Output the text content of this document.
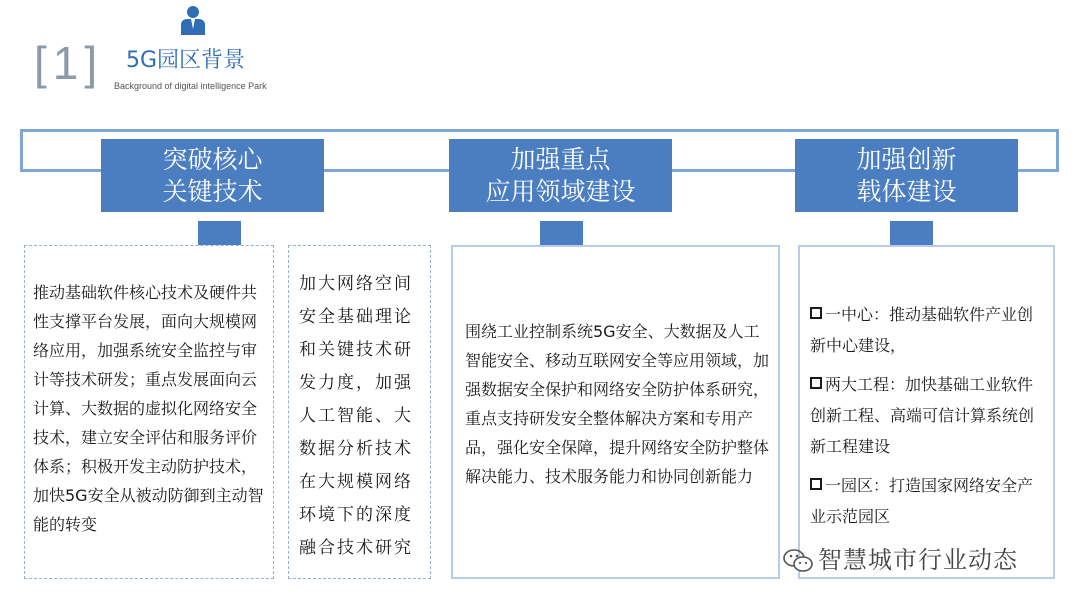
[1] 5G园区背景
Background of digital intelligence Park
突破核心
关键技术
加强重点
应用领域建设
加强创新
载体建设
推动基础软件核心技术及硬件共性支撑平台发展，面向大规模网络应用，加强系统安全监控与审计等技术研发；重点发展面向云计算、大数据的虚拟化网络安全技术，建立安全评估和服务评价体系；积极开发主动防护技术，加快5G安全从被动防御到主动智能的转变
加大网络空间安全基础理论和关键技术研发力度，加强人工智能、大数据分析技术在大规模网络环境下的深度融合技术研究
围绕工业控制系统5G安全、大数据及人工智能安全、移动互联网安全等应用领域，加强数据安全保护和网络安全防护体系研究，重点支持研发安全整体解决方案和专用产品，强化安全保障，提升网络安全防护整体解决能力、技术服务能力和协同创新能力
一中心：推动基础软件产业创新中心建设，
两大工程：加快基础工业软件创新工程、高端可信计算系统创新工程建设
一园区：打造国家网络安全产业示范园区
智慧城市行业动态
